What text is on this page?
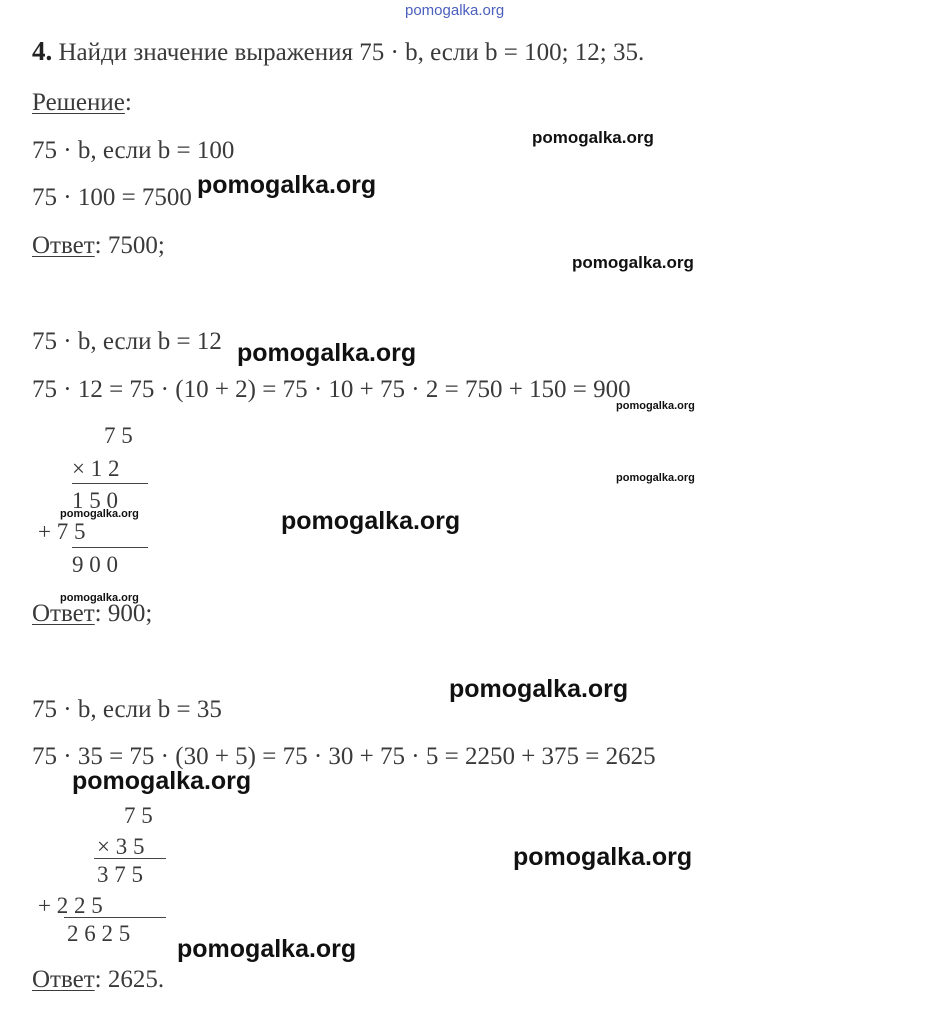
pomogalka.org
4. Найди значение выражения 75 · b, если b = 100; 12; 35.
Решение:
75 · b, если b = 100
75 · 100 = 7500
Ответ: 7500;
75 · b, если b = 12
75 · 12 = 75 · (10 + 2) = 75 · 10 + 75 · 2 = 750 + 150 = 900
7 5
× 1 2
1 5 0
+ 7 5
9 0 0
Ответ: 900;
75 · b, если b = 35
75 · 35 = 75 · (30 + 5) = 75 · 30 + 75 · 5 = 2250 + 375 = 2625
7 5
× 3 5
3 7 5
+ 2 2 5
2 6 2 5
Ответ: 2625.
pomogalka.org
pomogalka.org
pomogalka.org
pomogalka.org
pomogalka.org
pomogalka.org
pomogalka.org	pomogalka.org
pomogalka.org
pomogalka.org
pomogalka.org
pomogalka.org
pomogalka.org
